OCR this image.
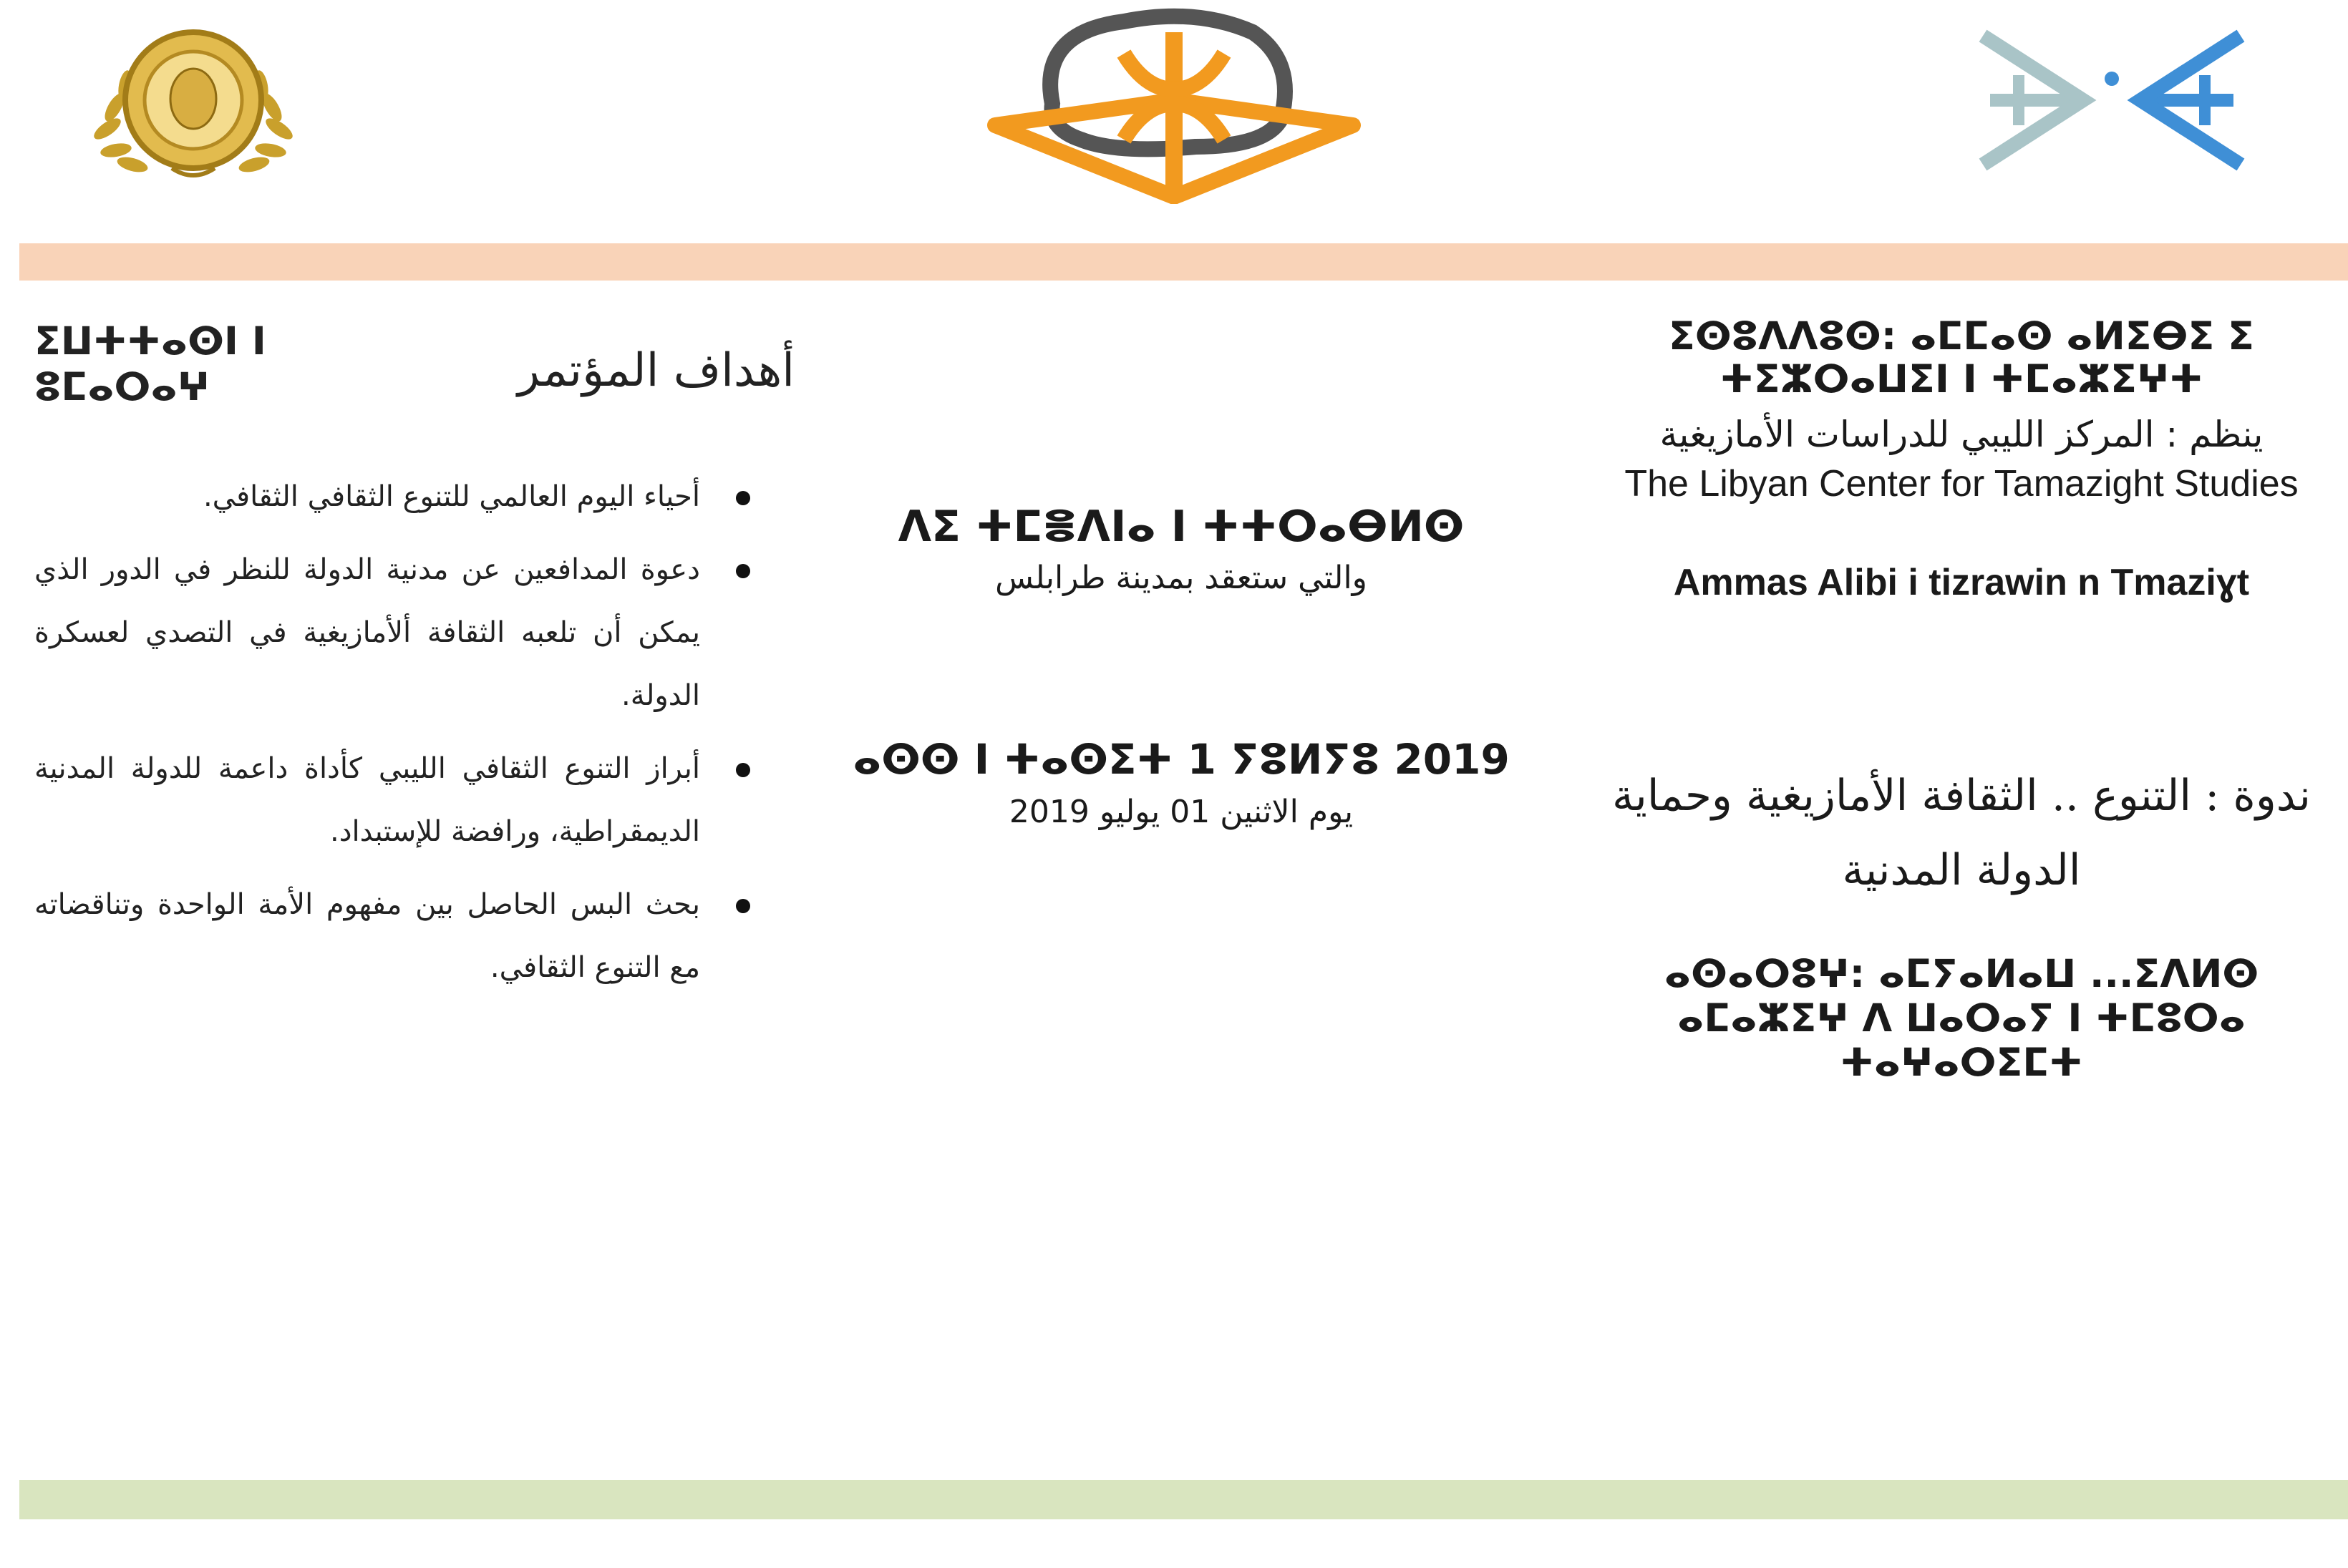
ⵉⵡⵜⵜⴰⵙⵏ ⵏ ⵓⵎⴰⵔⴰⵖ	أهداف المؤتمر
أحياء اليوم العالمي للتنوع الثقافي الثقافي.
دعوة المدافعين عن مدنية الدولة للنظر في الدور الذي يمكن أن تلعبه الثقافة ألأمازيغية في التصدي لعسكرة الدولة.
أبراز التنوع الثقافي الليبي كأداة داعمة للدولة المدنية الديمقراطية، ورافضة للإستبداد.
بحث البس الحاصل بين مفهوم الأمة الواحدة وتناقضاته مع التنوع الثقافي.
ⴷⵉ ⵜⵎⴻⴷⵏⴰ ⵏ ⵜⵜⵔⴰⴱⵍⵙ
والتي ستعقد بمدينة طرابلس
ⴰⵙⵙ ⵏ ⵜⴰⵙⵉⵜ 1 ⵢⵓⵍⵢⵓ 2019
يوم الاثنين 01 يوليو 2019
ⵉⵙⵓⴷⴷⵓⵙ: ⴰⵎⵎⴰⵙ ⴰⵍⵉⴱⵉ ⵉ ⵜⵉⵣⵔⴰⵡⵉⵏ ⵏ ⵜⵎⴰⵣⵉⵖⵜ
ينظم : المركز الليبي للدراسات الأمازيغية
The Libyan Center for Tamazight Studies
Ammas Alibi i tizrawin n Tmaziɣt
ندوة : التنوع .. الثقافة الأمازيغية وحماية الدولة المدنية
ⴰⵙⴰⵔⵓⵖ: ⴰⵎⵢⴰⵍⴰⵡ ...ⵉⴷⵍⵙ ⴰⵎⴰⵣⵉⵖ ⴷ ⵡⴰⵔⴰⵢ ⵏ ⵜⵎⵓⵔⴰ ⵜⴰⵖⴰⵔⵉⵎⵜ
